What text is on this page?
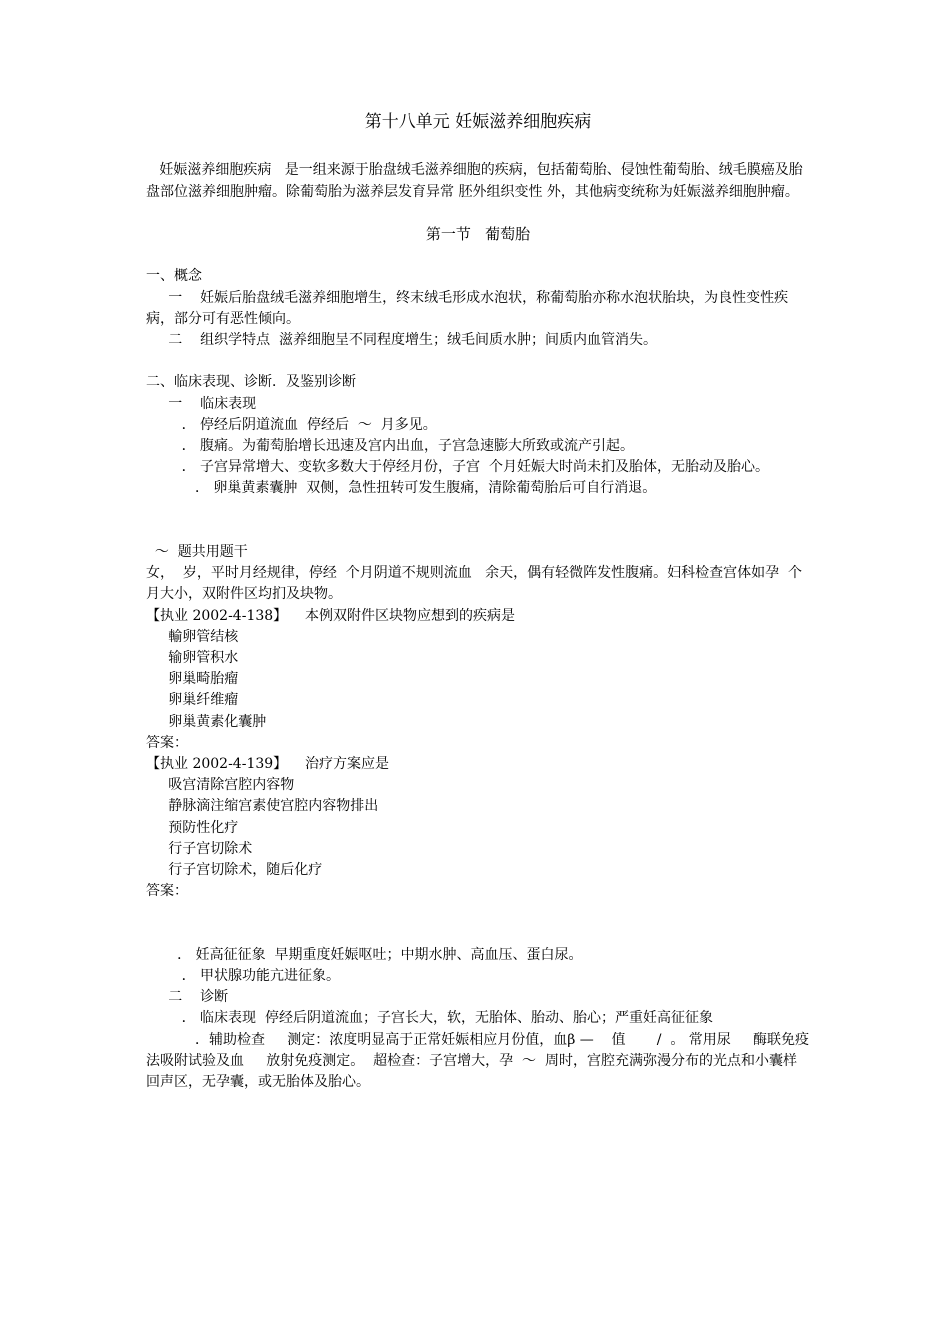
第十八单元 妊娠滋养细胞疾病
妊娠滋养细胞疾病   是一组来源于胎盘绒毛滋养细胞的疾病，包括葡萄胎、侵蚀性葡萄胎、绒毛膜癌及胎盘部位滋养细胞肿瘤。除葡萄胎为滋养层发育异常 胚外组织变性 外，其他病变统称为妊娠滋养细胞肿瘤。
第一节   葡萄胎

一、概念
一    妊娠后胎盘绒毛滋养细胞增生，终末绒毛形成水泡状，称葡萄胎亦称水泡状胎块，为良性变性疾病，部分可有恶性倾向。
二    组织学特点  滋养细胞呈不同程度增生；绒毛间质水肿；间质内血管消失。

二、临床表现、诊断．及鉴别诊断
一    临床表现
． 停经后阴道流血  停经后  ～  月多见。
． 腹痛。为葡萄胎增长迅速及宫内出血，子宫急速膨大所致或流产引起。
． 子宫异常增大、变软多数大于停经月份，子宫  个月妊娠大时尚未扪及胎体，无胎动及胎心。
． 卵巢黄素囊肿  双侧，急性扭转可发生腹痛，清除葡萄胎后可自行消退。
～  题共用题干
女，  岁，平时月经规律，停经  个月阴道不规则流血   余天，偶有轻微阵发性腹痛。妇科检查宫体如孕  个月大小，双附件区均扪及块物。
【执业 2002-4-138】    本例双附件区块物应想到的疾病是
輸卵管结核
输卵管积水
卵巢畸胎瘤
卵巢纤维瘤
卵巢黄素化囊肿
答案：
【执业 2002-4-139】    治疗方案应是
吸宫清除宫腔内容物
静脉滴注缩宫素使宫腔内容物排出
预防性化疗
行子宫切除术
行子宫切除术，随后化疗
答案：

． 妊高征征象  早期重度妊娠呕吐；中期水肿、高血压、蛋白尿。
． 甲状腺功能亢进征象。
二    诊断
． 临床表现  停经后阴道流血；子宫长大，软，无胎体、胎动、胎心；严重妊高征征象
．辅助检查     测定：浓度明显高于正常妊娠相应月份值，血β —    值       /  。 常用尿     酶联免疫法吸附试验及血     放射免疫测定。  超检查：子宫增大，孕  ～  周时，宫腔充满弥漫分布的光点和小囊样回声区，无孕囊，或无胎体及胎心。
